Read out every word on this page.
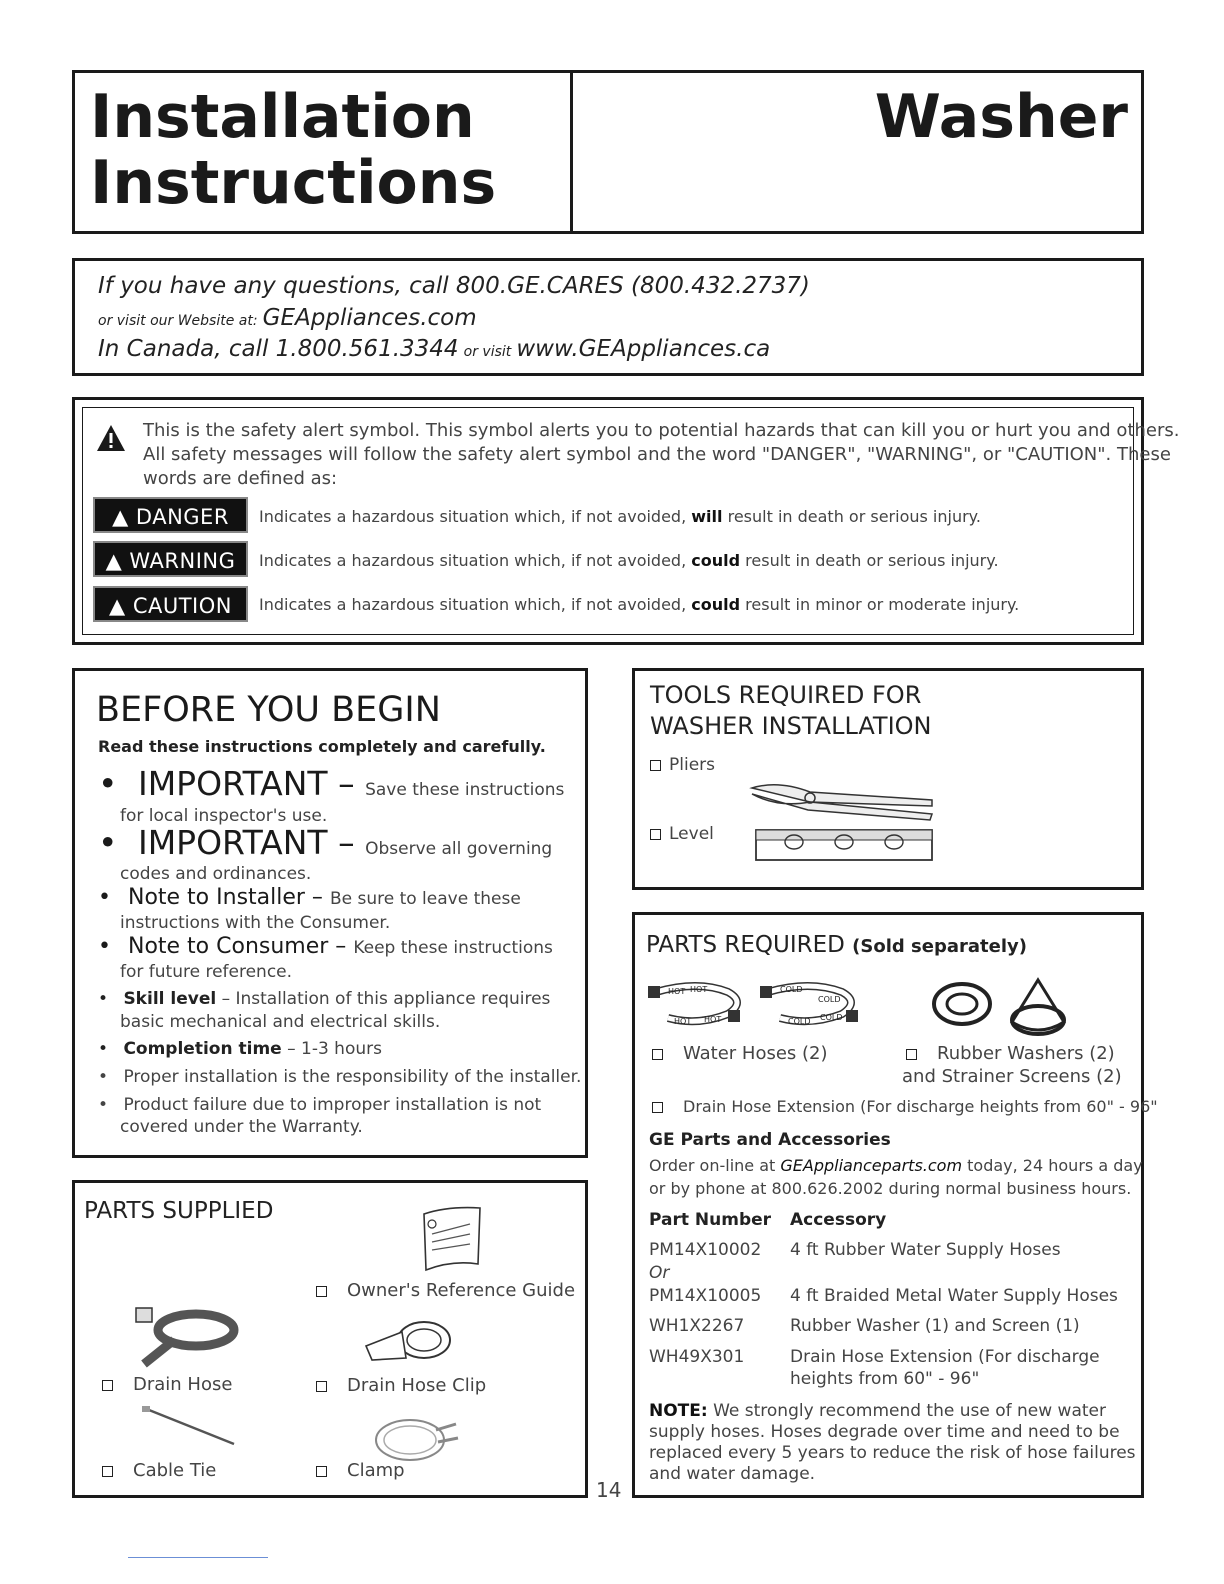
Installation
Instructions
Washer
If you have any questions, call 800.GE.CARES (800.432.2737)
or visit our Website at: GEAppliances.com
In Canada, call 1.800.561.3344 or visit www.GEAppliances.ca
This is the safety alert symbol. This symbol alerts you to potential hazards that can kill you or hurt you and others.
All safety messages will follow the safety alert symbol and the word "DANGER", "WARNING", or "CAUTION". These
words are defined as:
▲ DANGER	Indicates a hazardous situation which, if not avoided, will result in death or serious injury.
▲ WARNING	Indicates a hazardous situation which, if not avoided, could result in death or serious injury.
▲ CAUTION	Indicates a hazardous situation which, if not avoided, could result in minor or moderate injury.
BEFORE YOU BEGIN
Read these instructions completely and carefully.
• IMPORTANT – Save these instructions
for local inspector's use.
• IMPORTANT – Observe all governing
codes and ordinances.
• Note to Installer – Be sure to leave these
instructions with the Consumer.
• Note to Consumer – Keep these instructions
for future reference.
• Skill level – Installation of this appliance requires
basic mechanical and electrical skills.
• Completion time – 1-3 hours
• Proper installation is the responsibility of the installer.
• Product failure due to improper installation is not
covered under the Warranty.
PARTS SUPPLIED
Owner's Reference Guide
Drain Hose	Drain Hose Clip
Cable Tie	Clamp
14
TOOLS REQUIRED FOR
WASHER INSTALLATION
Pliers
Level
PARTS REQUIRED (Sold separately)
HOT HOT
HOT HOT
COLD
COLD
COLD COLD
Water Hoses (2)	Rubber Washers (2)
and Strainer Screens (2)
Drain Hose Extension (For discharge heights from 60" - 96"
GE Parts and Accessories
Order on-line at GEApplianceparts.com today, 24 hours a day
or by phone at 800.626.2002 during normal business hours.
Part Number Accessory
PM14X10002 4 ft Rubber Water Supply Hoses
Or
PM14X10005 4 ft Braided Metal Water Supply Hoses
WH1X2267	Rubber Washer (1) and Screen (1)
WH49X301	Drain Hose Extension (For discharge
heights from 60" - 96"
NOTE: We strongly recommend the use of new water
supply hoses. Hoses degrade over time and need to be
replaced every 5 years to reduce the risk of hose failures
and water damage.
